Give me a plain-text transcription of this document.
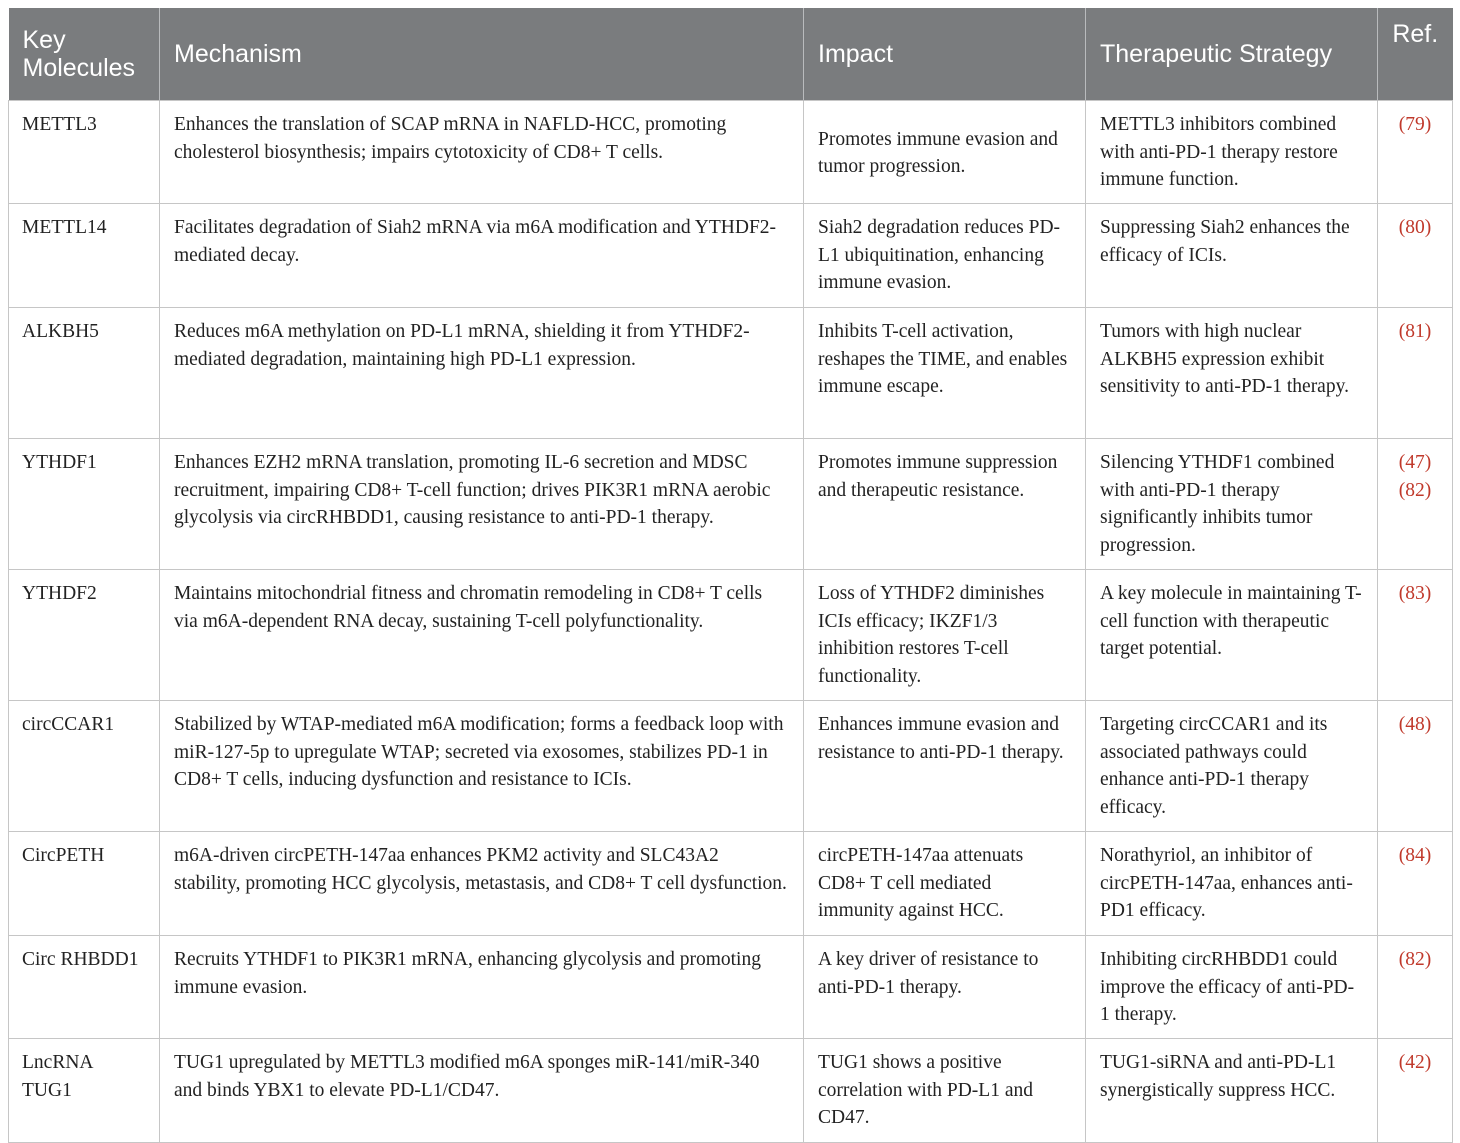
Key Molecules	Mechanism	Impact	Therapeutic Strategy	Ref.
METTL3	Enhances the translation of SCAP mRNA in NAFLD-HCC, promoting cholesterol biosynthesis; impairs cytotoxicity of CD8+ T cells.	Promotes immune evasion and tumor progression.	METTL3 inhibitors combined with anti-PD-1 therapy restore immune function.	(79)

METTL14	Facilitates degradation of Siah2 mRNA via m6A modification and YTHDF2-mediated decay.	Siah2 degradation reduces PD-L1 ubiquitination, enhancing immune evasion.	Suppressing Siah2 enhances the efficacy of ICIs.	(80)

ALKBH5	Reduces m6A methylation on PD-L1 mRNA, shielding it from YTHDF2-mediated degradation, maintaining high PD-L1 expression.	Inhibits T-cell activation, reshapes the TIME, and enables immune escape.	Tumors with high nuclear ALKBH5 expression exhibit sensitivity to anti-PD-1 therapy.	(81)

YTHDF1	Enhances EZH2 mRNA translation, promoting IL-6 secretion and MDSC recruitment, impairing CD8+ T-cell function; drives PIK3R1 mRNA aerobic glycolysis via circRHBDD1, causing resistance to anti-PD-1 therapy.	Promotes immune suppression and therapeutic resistance.	Silencing YTHDF1 combined with anti-PD-1 therapy significantly inhibits tumor progression.	(47)
(82)

YTHDF2	Maintains mitochondrial fitness and chromatin remodeling in CD8+ T cells via m6A-dependent RNA decay, sustaining T-cell polyfunctionality.	Loss of YTHDF2 diminishes ICIs efficacy; IKZF1/3 inhibition restores T-cell functionality.	A key molecule in maintaining T-cell function with therapeutic target potential.	(83)

circCCAR1	Stabilized by WTAP-mediated m6A modification; forms a feedback loop with miR-127-5p to upregulate WTAP; secreted via exosomes, stabilizes PD-1 in CD8+ T cells, inducing dysfunction and resistance to ICIs.	Enhances immune evasion and resistance to anti-PD-1 therapy.	Targeting circCCAR1 and its associated pathways could enhance anti-PD-1 therapy efficacy.	(48)

CircPETH	m6A-driven circPETH-147aa enhances PKM2 activity and SLC43A2 stability, promoting HCC glycolysis, metastasis, and CD8+ T cell dysfunction.	circPETH-147aa attenuats CD8+ T cell mediated immunity against HCC.	Norathyriol, an inhibitor of circPETH-147aa, enhances anti-PD1 efficacy.	(84)

Circ RHBDD1	Recruits YTHDF1 to PIK3R1 mRNA, enhancing glycolysis and promoting immune evasion.	A key driver of resistance to anti-PD-1 therapy.	Inhibiting circRHBDD1 could improve the efficacy of anti-PD-1 therapy.	(82)

LncRNA TUG1	TUG1 upregulated by METTL3 modified m6A sponges miR-141/miR-340 and binds YBX1 to elevate PD-L1/CD47.	TUG1 shows a positive correlation with PD-L1 and CD47.	TUG1-siRNA and anti-PD-L1 synergistically suppress HCC.	(42)
